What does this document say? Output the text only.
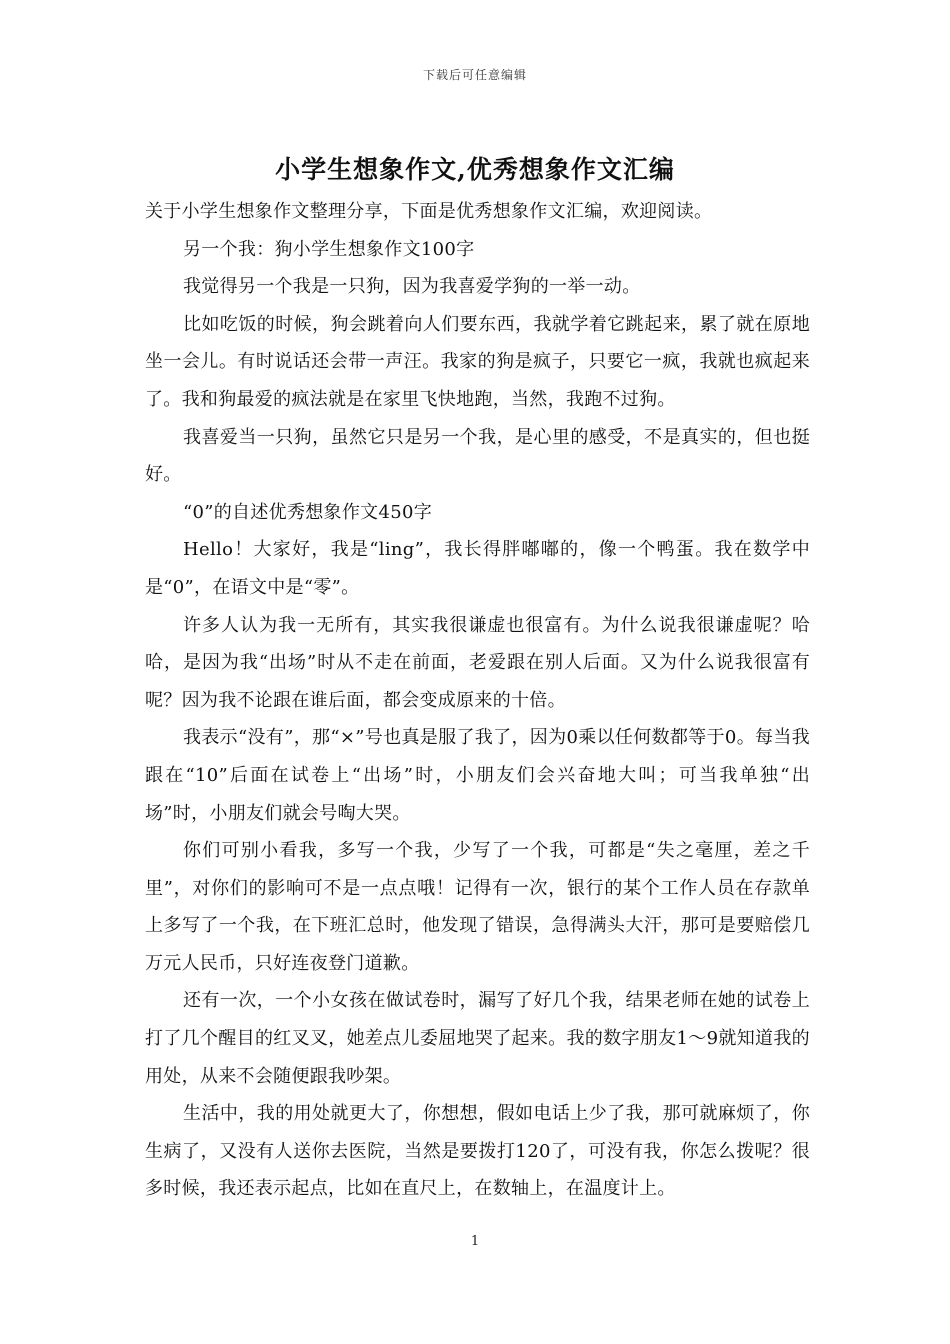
下载后可任意编辑
小学生想象作文,优秀想象作文汇编

关于小学生想象作文整理分享，下面是优秀想象作文汇编，欢迎阅读。

另一个我：狗小学生想象作文100字

我觉得另一个我是一只狗，因为我喜爱学狗的一举一动。

比如吃饭的时候，狗会跳着向人们要东西，我就学着它跳起来，累了就在原地坐一会儿。有时说话还会带一声汪。我家的狗是疯子，只要它一疯，我就也疯起来了。我和狗最爱的疯法就是在家里飞快地跑，当然，我跑不过狗。

我喜爱当一只狗，虽然它只是另一个我，是心里的感受，不是真实的，但也挺好。

“0”的自述优秀想象作文450字

Hello！大家好，我是“ling”，我长得胖嘟嘟的，像一个鸭蛋。我在数学中是“0”，在语文中是“零”。

许多人认为我一无所有，其实我很谦虚也很富有。为什么说我很谦虚呢？哈哈，是因为我“出场”时从不走在前面，老爱跟在别人后面。又为什么说我很富有呢？因为我不论跟在谁后面，都会变成原来的十倍。

我表示“没有”，那“×”号也真是服了我了，因为0乘以任何数都等于0。每当我跟在“10”后面在试卷上“出场”时，小朋友们会兴奋地大叫；可当我单独“出场”时，小朋友们就会号啕大哭。

你们可别小看我，多写一个我，少写了一个我，可都是“失之毫厘，差之千里”，对你们的影响可不是一点点哦！记得有一次，银行的某个工作人员在存款单上多写了一个我，在下班汇总时，他发现了错误，急得满头大汗，那可是要赔偿几万元人民币，只好连夜登门道歉。

还有一次，一个小女孩在做试卷时，漏写了好几个我，结果老师在她的试卷上打了几个醒目的红叉叉，她差点儿委屈地哭了起来。我的数字朋友1～9就知道我的用处，从来不会随便跟我吵架。

生活中，我的用处就更大了，你想想，假如电话上少了我，那可就麻烦了，你生病了，又没有人送你去医院，当然是要拨打120了，可没有我，你怎么拨呢？很多时候，我还表示起点，比如在直尺上，在数轴上，在温度计上。

1
